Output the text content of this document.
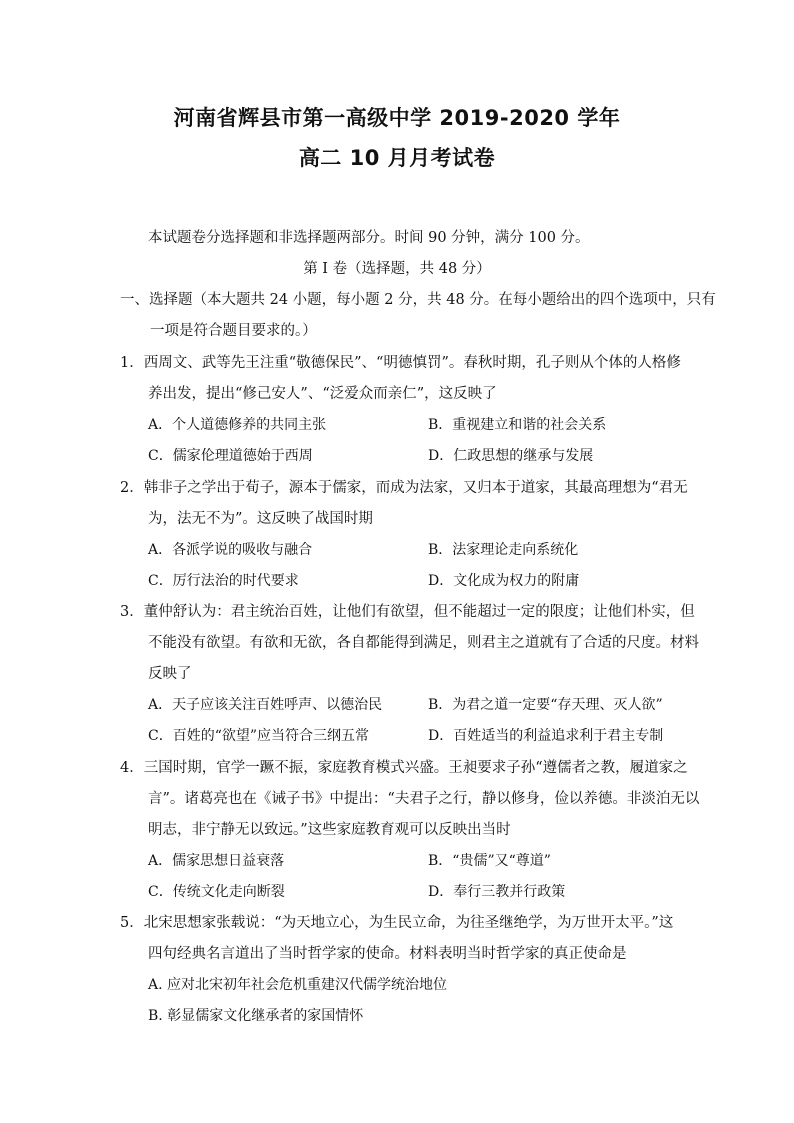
河南省辉县市第一高级中学 2019-2020 学年
高二 10 月月考试卷
本试题卷分选择题和非选择题两部分。时间 90 分钟，满分 100 分。
第 I 卷（选择题，共 48 分）
一、选择题（本大题共 24 小题，每小题 2 分，共 48 分。在每小题给出的四个选项中，只有
一项是符合题目要求的。）
1．西周文、武等先王注重“敬德保民”、“明德慎罚”。春秋时期，孔子则从个体的人格修
养出发，提出“修己安人”、“泛爱众而亲仁”，这反映了
A．个人道德修养的共同主张	B．重视建立和谐的社会关系
C．儒家伦理道德始于西周	D．仁政思想的继承与发展
2．韩非子之学出于荀子，源本于儒家，而成为法家，又归本于道家，其最高理想为“君无
为，法无不为”。这反映了战国时期
A．各派学说的吸收与融合	B．法家理论走向系统化
C．厉行法治的时代要求	D．文化成为权力的附庸
3．董仲舒认为：君主统治百姓，让他们有欲望，但不能超过一定的限度；让他们朴实，但
不能没有欲望。有欲和无欲，各自都能得到满足，则君主之道就有了合适的尺度。材料
反映了
A．天子应该关注百姓呼声、以德治民	B．为君之道一定要“存天理、灭人欲”
C．百姓的“欲望”应当符合三纲五常	D．百姓适当的利益追求利于君主专制
4．三国时期，官学一蹶不振，家庭教育模式兴盛。王昶要求子孙“遵儒者之教，履道家之
言”。诸葛亮也在《诫子书》中提出：“夫君子之行，静以修身，俭以养德。非淡泊无以
明志，非宁静无以致远。”这些家庭教育观可以反映出当时
A．儒家思想日益衰落	B．“贵儒”又“尊道”
C．传统文化走向断裂	D．奉行三教并行政策
5．北宋思想家张载说：“为天地立心，为生民立命，为往圣继绝学，为万世开太平。”这
四句经典名言道出了当时哲学家的使命。材料表明当时哲学家的真正使命是
A. 应对北宋初年社会危机重建汉代儒学统治地位
B. 彰显儒家文化继承者的家国情怀
